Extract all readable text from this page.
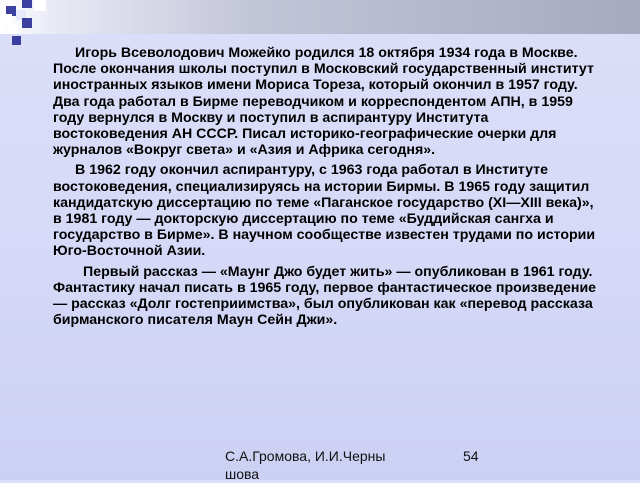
Игорь Всеволодович Можейко родился 18 октября 1934 года в Москве. После окончания школы поступил в Московский государственный институт иностранных языков имени Мориса Тореза, который окончил в 1957 году. Два года работал в Бирме переводчиком и корреспондентом АПН, в 1959 году вернулся в Москву и поступил в аспирантуру Института востоковедения АН СССР. Писал историко-географические очерки для журналов «Вокруг света» и «Азия и Африка сегодня».

В 1962 году окончил аспирантуру, с 1963 года работал в Институте востоковедения, специализируясь на истории Бирмы. В 1965 году защитил кандидатскую диссертацию по теме «Паганское государство (XI—XIII века)», в 1981 году — докторскую диссертацию по теме «Буддийская сангха и государство в Бирме». В научном сообществе известен трудами по истории Юго-Восточной Азии.

Первый рассказ — «Маунг Джо будет жить» — опубликован в 1961 году. Фантастику начал писать в 1965 году, первое фантастическое произведение — рассказ «Долг гостеприимства», был опубликован как «перевод рассказа бирманского писателя Маун Сейн Джи».

С.А.Громова, И.И.Черны шова
54
